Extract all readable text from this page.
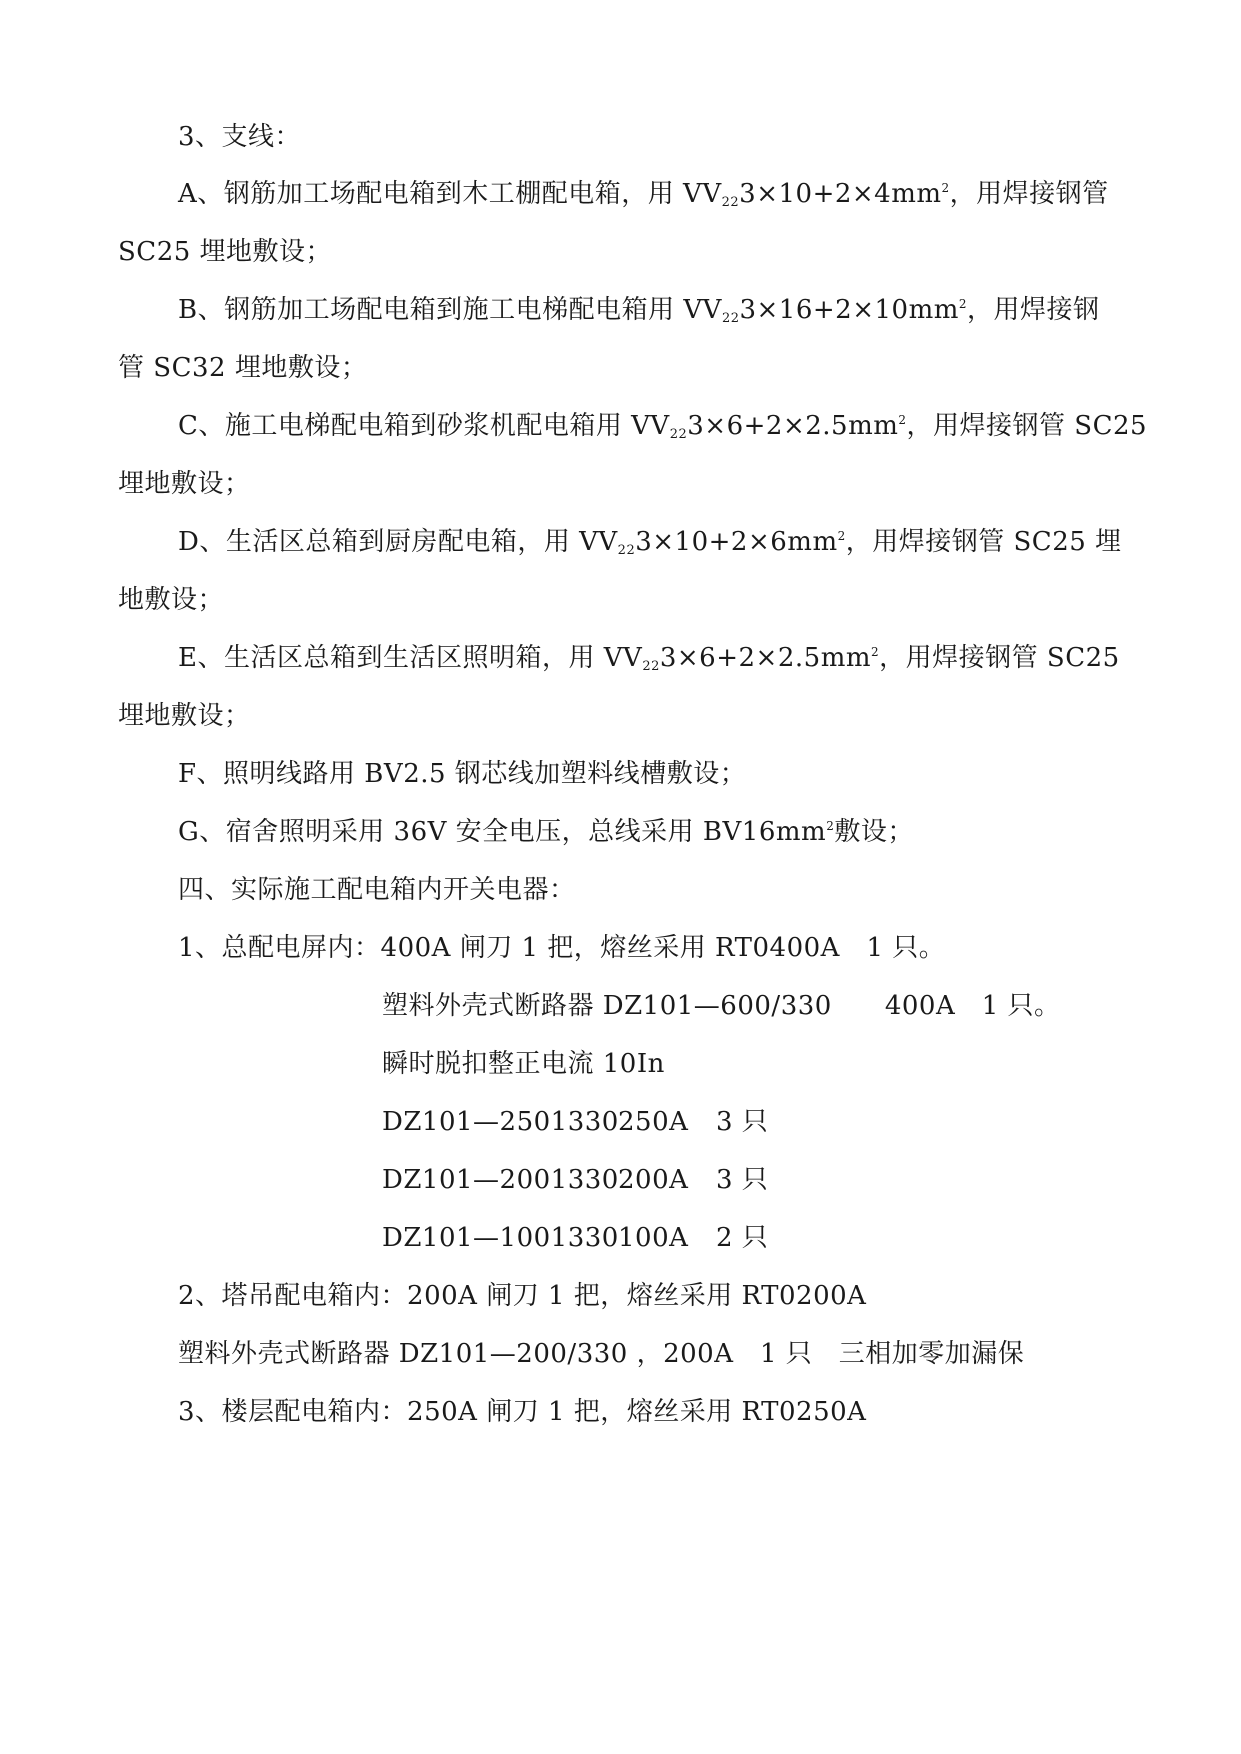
3、支线：
A、钢筋加工场配电箱到木工棚配电箱，用 $VV_{22}3\times 10+2\times 4mm^2$，用焊接钢管
SC25 埋地敷设；
B、钢筋加工场配电箱到施工电梯配电箱用 $VV_{22}3\times 16+2\times 10mm^2$，用焊接钢
管 SC32 埋地敷设；
C、施工电梯配电箱到砂浆机配电箱用 $VV_{22}3\times 6+2\times 2.5mm^2$，用焊接钢管 SC25
埋地敷设；
D、生活区总箱到厨房配电箱，用 $VV_{22}3\times 10+2\times 6mm^2$，用焊接钢管 SC25 埋
地敷设；
E、生活区总箱到生活区照明箱，用 $VV_{22}3\times 6+2\times 2.5mm^2$，用焊接钢管 SC25
埋地敷设；
F、照明线路用 BV2.5 钢芯线加塑料线槽敷设；
G、宿舍照明采用 36V 安全电压，总线采用 $BV16mm^2$敷设；
四、实际施工配电箱内开关电器：
1、总配电屏内：400A 闸刀 1 把，熔丝采用 RT0400A　1 只。
塑料外壳式断路器 DZ101—600/330　　400A　1 只。
瞬时脱扣整正电流 10In
DZ101—2501330250A 3 只
DZ101—2001330200A 3 只
DZ101—1001330100A 2 只
2、塔吊配电箱内：200A 闸刀 1 把，熔丝采用 RT0200A
塑料外壳式断路器 DZ101—200/330 ，200A　1 只　三相加零加漏保
3、楼层配电箱内：250A 闸刀 1 把，熔丝采用 RT0250A
